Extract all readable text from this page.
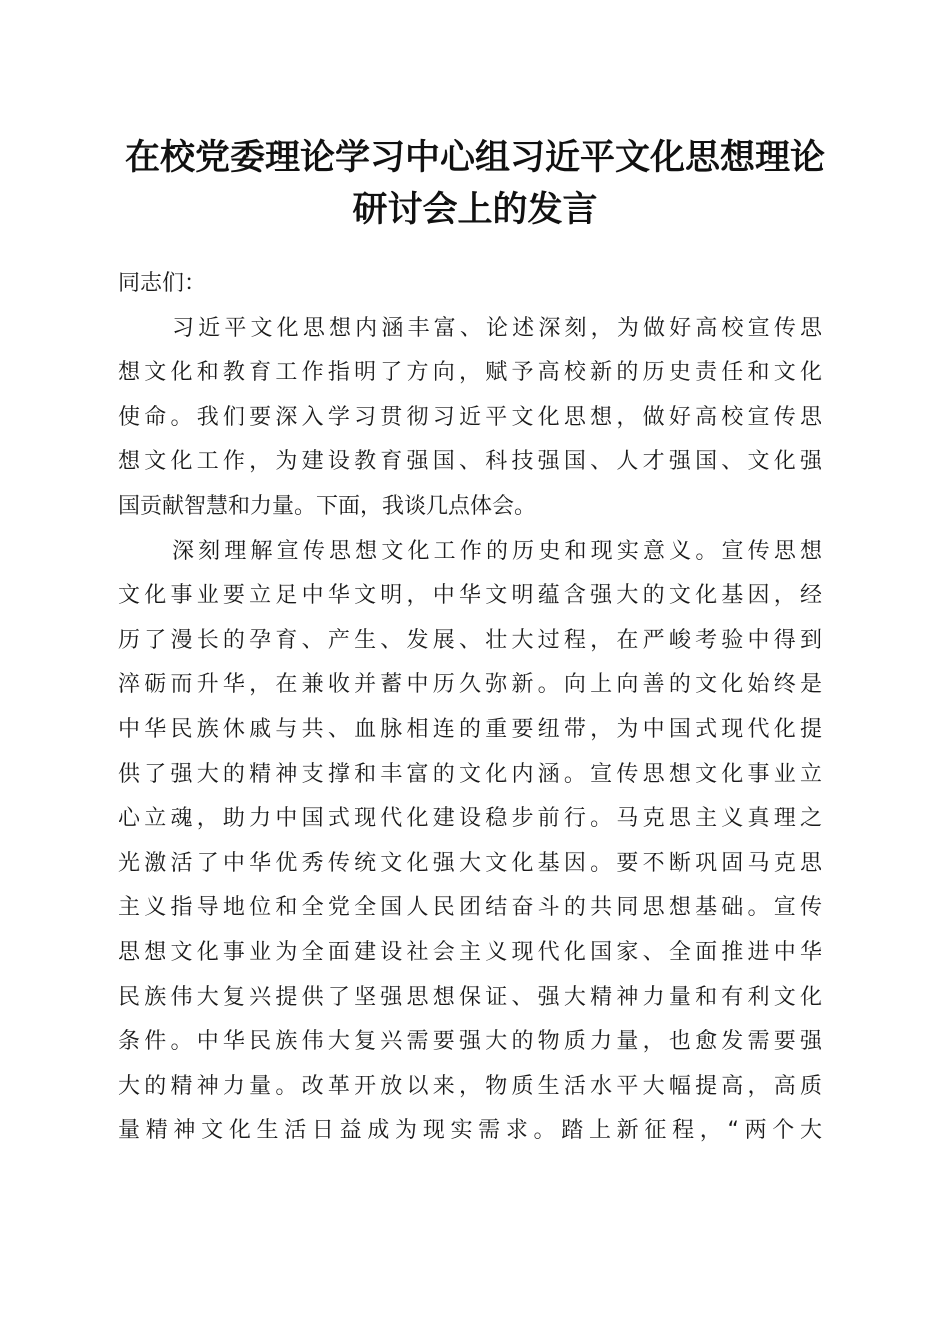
在校党委理论学习中心组习近平文化思想理论
研讨会上的发言

同志们：

习近平文化思想内涵丰富、论述深刻，为做好高校宣传思
想文化和教育工作指明了方向，赋予高校新的历史责任和文化
使命。我们要深入学习贯彻习近平文化思想，做好高校宣传思
想文化工作，为建设教育强国、科技强国、人才强国、文化强
国贡献智慧和力量。下面，我谈几点体会。

深刻理解宣传思想文化工作的历史和现实意义。宣传思想
文化事业要立足中华文明，中华文明蕴含强大的文化基因，经
历了漫长的孕育、产生、发展、壮大过程，在严峻考验中得到
淬砺而升华，在兼收并蓄中历久弥新。向上向善的文化始终是
中华民族休戚与共、血脉相连的重要纽带，为中国式现代化提
供了强大的精神支撑和丰富的文化内涵。宣传思想文化事业立
心立魂，助力中国式现代化建设稳步前行。马克思主义真理之
光激活了中华优秀传统文化强大文化基因。要不断巩固马克思
主义指导地位和全党全国人民团结奋斗的共同思想基础。宣传
思想文化事业为全面建设社会主义现代化国家、全面推进中华
民族伟大复兴提供了坚强思想保证、强大精神力量和有利文化
条件。中华民族伟大复兴需要强大的物质力量，也愈发需要强
大的精神力量。改革开放以来，物质生活水平大幅提高，高质
量精神文化生活日益成为现实需求。踏上新征程，“两个大
